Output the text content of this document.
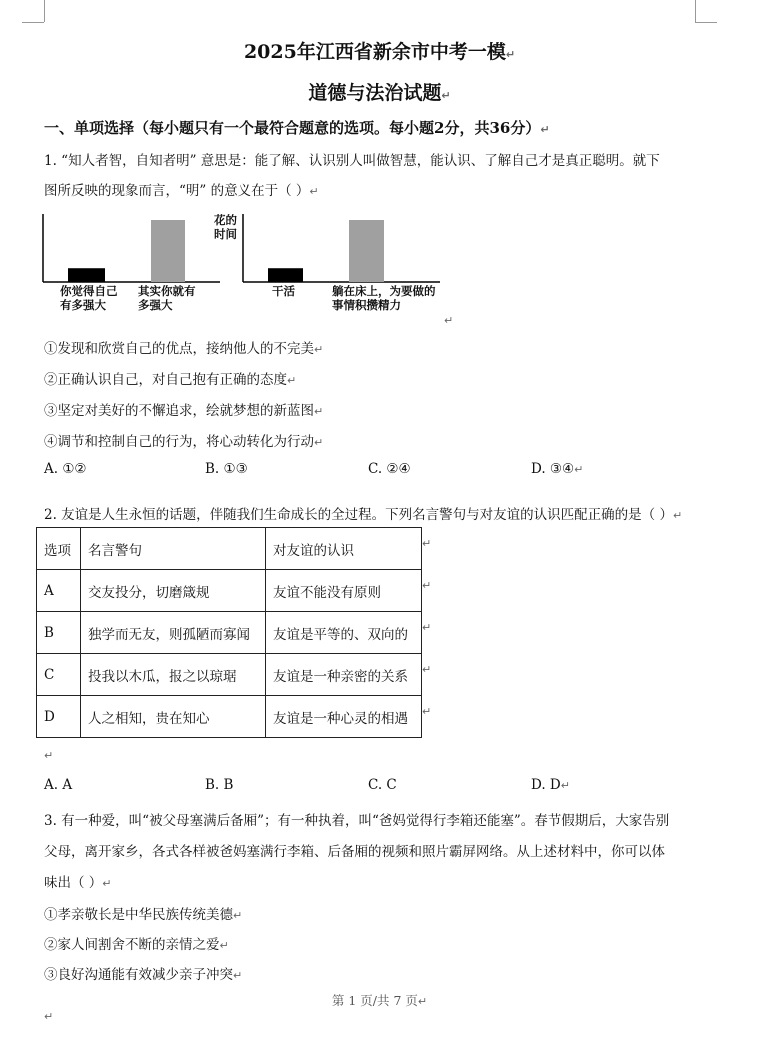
2025年江西省新余市中考一模↵
道德与法治试题↵
一、单项选择（每小题只有一个最符合题意的选项。每小题2分，共36分）↵
1. “知人者智，自知者明” 意思是：能了解、认识别人叫做智慧，能认识、了解自己才是真正聪明。就下
图所反映的现象而言，“明” 的意义在于（ ）↵
你觉得自己有多强大
其实你就有多强大
花的时间
干活	躺在床上，为要做的事情积攒精力
↵
①发现和欣赏自己的优点，接纳他人的不完美↵
②正确认识自己，对自己抱有正确的态度↵
③坚定对美好的不懈追求，绘就梦想的新蓝图↵
④调节和控制自己的行为，将心动转化为行动↵
A. ①②	B. ①③	C. ②④	D. ③④↵
2. 友谊是人生永恒的话题，伴随我们生命成长的全过程。下列名言警句与对友谊的认识匹配正确的是（ ）↵
选项	名言警句	对友谊的认识
A	交友投分，切磨箴规	友谊不能没有原则
B	独学而无友，则孤陋而寡闻	友谊是平等的、双向的
C	投我以木瓜，报之以琼琚	友谊是一种亲密的关系
D	人之相知，贵在知心	友谊是一种心灵的相遇
↵
↵
↵
↵
↵
↵
A. A	B. B	C. C	D. D↵
3. 有一种爱，叫“被父母塞满后备厢”；有一种执着，叫“爸妈觉得行李箱还能塞”。春节假期后，大家告别
父母，离开家乡，各式各样被爸妈塞满行李箱、后备厢的视频和照片霸屏网络。从上述材料中，你可以体
味出（ ）↵
①孝亲敬长是中华民族传统美德↵
②家人间割舍不断的亲情之爱↵
③良好沟通能有效减少亲子冲突↵
第 1 页/共 7 页↵
↵
